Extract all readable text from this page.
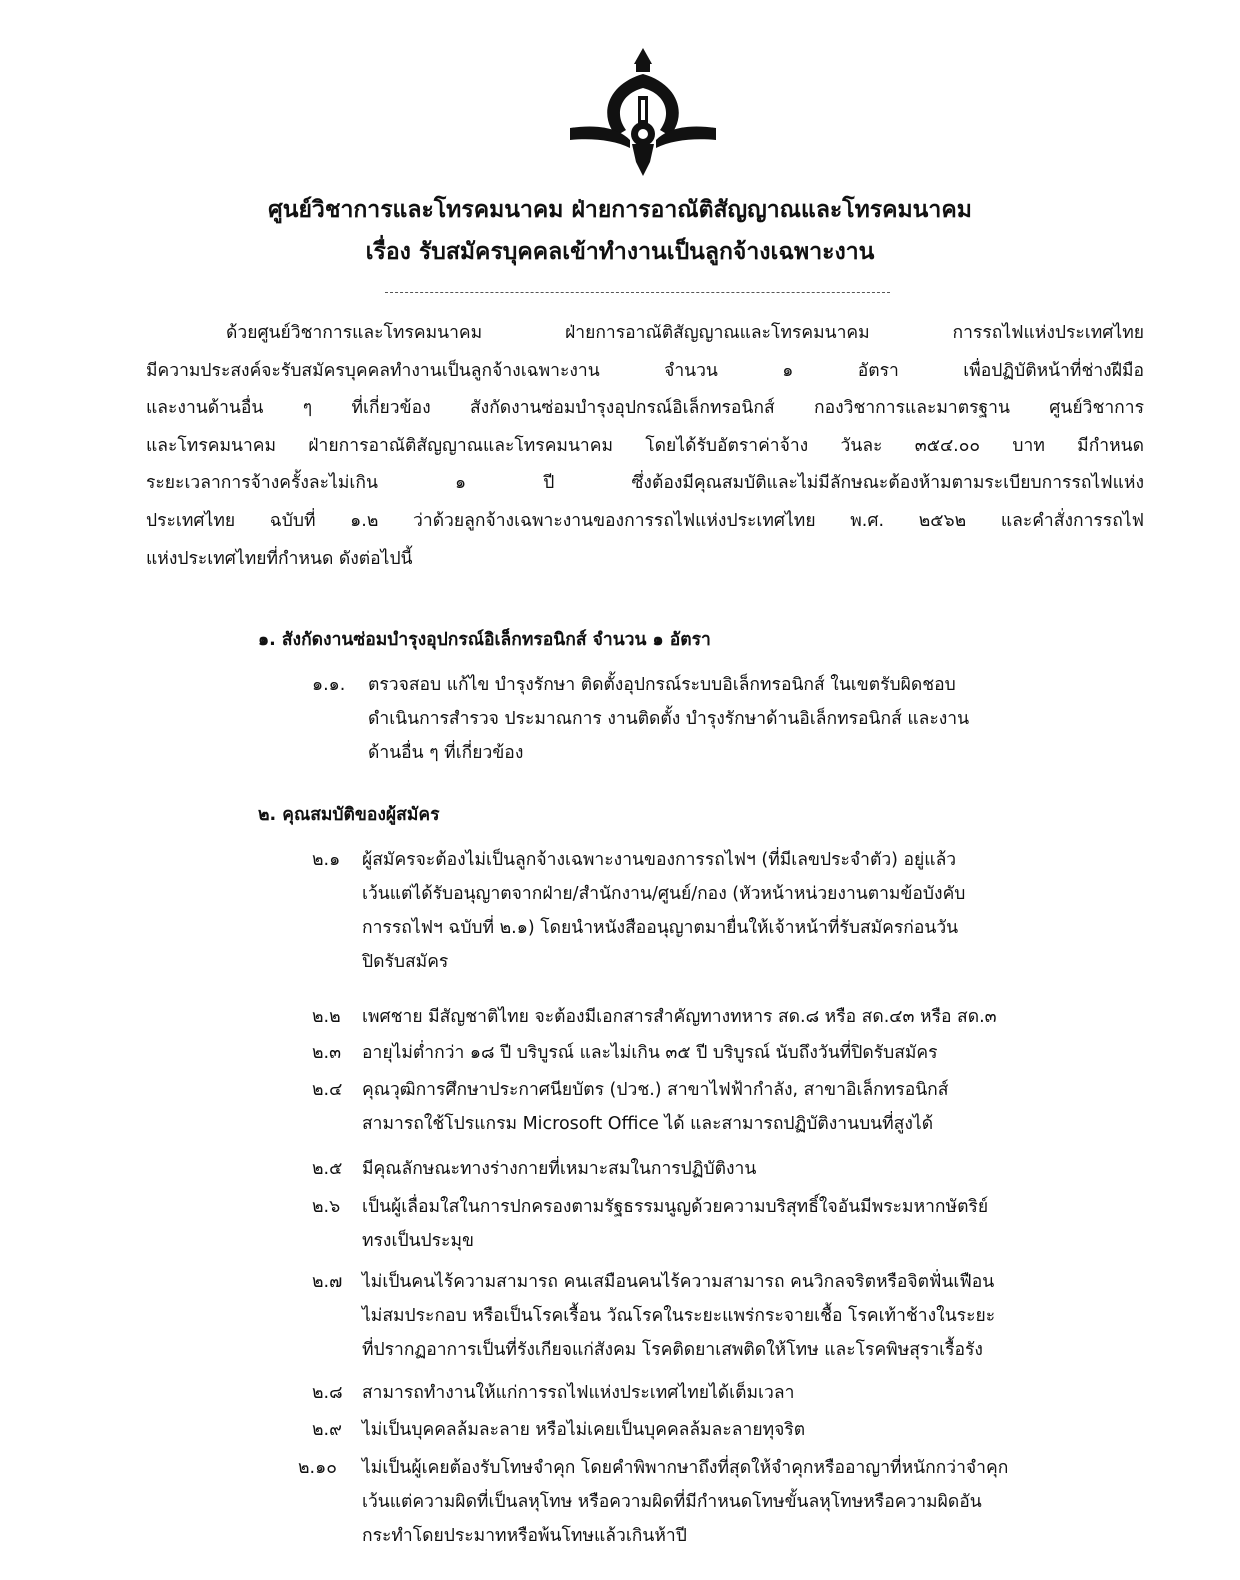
ศูนย์วิชาการและโทรคมนาคม ฝ่ายการอาณัติสัญญาณและโทรคมนาคม
เรื่อง รับสมัครบุคคลเข้าทำงานเป็นลูกจ้างเฉพาะงาน
ด้วยศูนย์วิชาการและโทรคมนาคม ฝ่ายการอาณัติสัญญาณและโทรคมนาคม การรถไฟแห่งประเทศไทย
มีความประสงค์จะรับสมัครบุคคลทำงานเป็นลูกจ้างเฉพาะงาน จำนวน ๑ อัตรา เพื่อปฏิบัติหน้าที่ช่างฝีมือ
และงานด้านอื่น ๆ ที่เกี่ยวข้อง สังกัดงานซ่อมบำรุงอุปกรณ์อิเล็กทรอนิกส์ กองวิชาการและมาตรฐาน ศูนย์วิชาการ
และโทรคมนาคม ฝ่ายการอาณัติสัญญาณและโทรคมนาคม โดยได้รับอัตราค่าจ้าง วันละ ๓๕๔.๐๐ บาท มีกำหนด
ระยะเวลาการจ้างครั้งละไม่เกิน ๑ ปี ซึ่งต้องมีคุณสมบัติและไม่มีลักษณะต้องห้ามตามระเบียบการรถไฟแห่ง
ประเทศไทย ฉบับที่ ๑.๒ ว่าด้วยลูกจ้างเฉพาะงานของการรถไฟแห่งประเทศไทย พ.ศ. ๒๕๖๒ และคำสั่งการรถไฟ
แห่งประเทศไทยที่กำหนด ดังต่อไปนี้
๑. สังกัดงานซ่อมบำรุงอุปกรณ์อิเล็กทรอนิกส์ จำนวน ๑ อัตรา
๑.๑. ตรวจสอบ แก้ไข บำรุงรักษา ติดตั้งอุปกรณ์ระบบอิเล็กทรอนิกส์ ในเขตรับผิดชอบ
ดำเนินการสำรวจ ประมาณการ งานติดตั้ง บำรุงรักษาด้านอิเล็กทรอนิกส์ และงาน
ด้านอื่น ๆ ที่เกี่ยวข้อง
๒. คุณสมบัติของผู้สมัคร
๒.๑ ผู้สมัครจะต้องไม่เป็นลูกจ้างเฉพาะงานของการรถไฟฯ (ที่มีเลขประจำตัว) อยู่แล้ว
เว้นแต่ได้รับอนุญาตจากฝ่าย/สำนักงาน/ศูนย์/กอง (หัวหน้าหน่วยงานตามข้อบังคับ
การรถไฟฯ ฉบับที่ ๒.๑) โดยนำหนังสืออนุญาตมายื่นให้เจ้าหน้าที่รับสมัครก่อนวัน
ปิดรับสมัคร
๒.๒ เพศชาย มีสัญชาติไทย จะต้องมีเอกสารสำคัญทางทหาร สด.๘ หรือ สด.๔๓ หรือ สด.๓
๒.๓ อายุไม่ต่ำกว่า ๑๘ ปี บริบูรณ์ และไม่เกิน ๓๕ ปี บริบูรณ์ นับถึงวันที่ปิดรับสมัคร
๒.๔ คุณวุฒิการศึกษาประกาศนียบัตร (ปวช.) สาขาไฟฟ้ากำลัง, สาขาอิเล็กทรอนิกส์
สามารถใช้โปรแกรม Microsoft Office ได้ และสามารถปฏิบัติงานบนที่สูงได้
๒.๕ มีคุณลักษณะทางร่างกายที่เหมาะสมในการปฏิบัติงาน
๒.๖ เป็นผู้เลื่อมใสในการปกครองตามรัฐธรรมนูญด้วยความบริสุทธิ์ใจอันมีพระมหากษัตริย์
ทรงเป็นประมุข
๒.๗ ไม่เป็นคนไร้ความสามารถ คนเสมือนคนไร้ความสามารถ คนวิกลจริตหรือจิตฟั่นเฟือน
ไม่สมประกอบ หรือเป็นโรคเรื้อน วัณโรคในระยะแพร่กระจายเชื้อ โรคเท้าช้างในระยะ
ที่ปรากฏอาการเป็นที่รังเกียจแก่สังคม โรคติดยาเสพติดให้โทษ และโรคพิษสุราเรื้อรัง
๒.๘ สามารถทำงานให้แก่การรถไฟแห่งประเทศไทยได้เต็มเวลา
๒.๙ ไม่เป็นบุคคลล้มละลาย หรือไม่เคยเป็นบุคคลล้มละลายทุจริต
๒.๑๐ ไม่เป็นผู้เคยต้องรับโทษจำคุก โดยคำพิพากษาถึงที่สุดให้จำคุกหรืออาญาที่หนักกว่าจำคุก
เว้นแต่ความผิดที่เป็นลหุโทษ หรือความผิดที่มีกำหนดโทษขั้นลหุโทษหรือความผิดอัน
กระทำโดยประมาทหรือพ้นโทษแล้วเกินห้าปี
